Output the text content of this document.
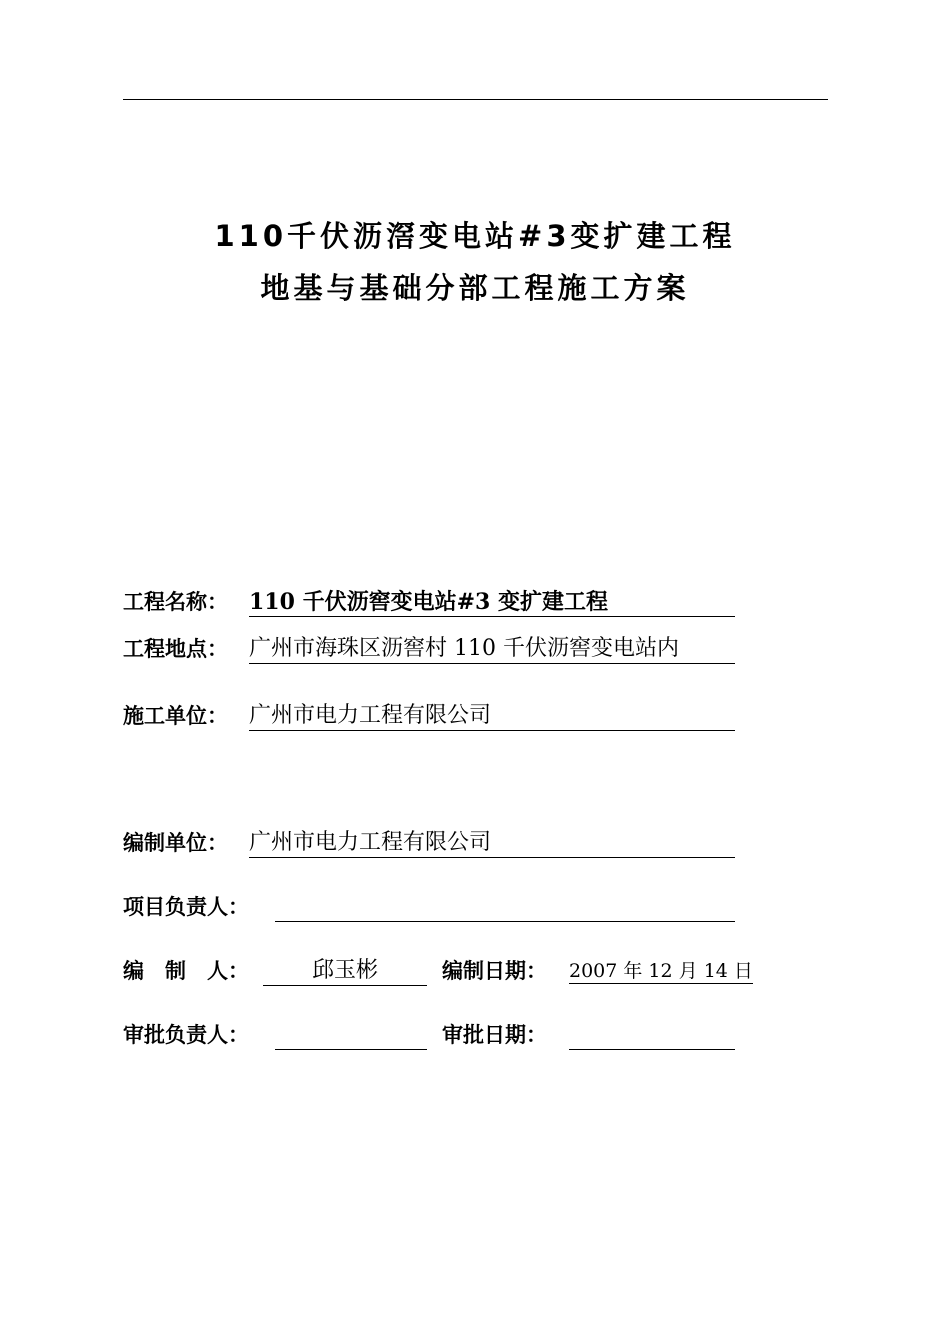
110千伏沥滘变电站#3变扩建工程
地基与基础分部工程施工方案
工程名称： 110 千伏沥窖变电站#3 变扩建工程
工程地点： 广州市海珠区沥窖村 110 千伏沥窖变电站内
施工单位： 广州市电力工程有限公司
编制单位： 广州市电力工程有限公司
项目负责人：
编　制　人：	邱玉彬	编制日期： 2007 年 12 月 14 日
审批负责人：	审批日期：
